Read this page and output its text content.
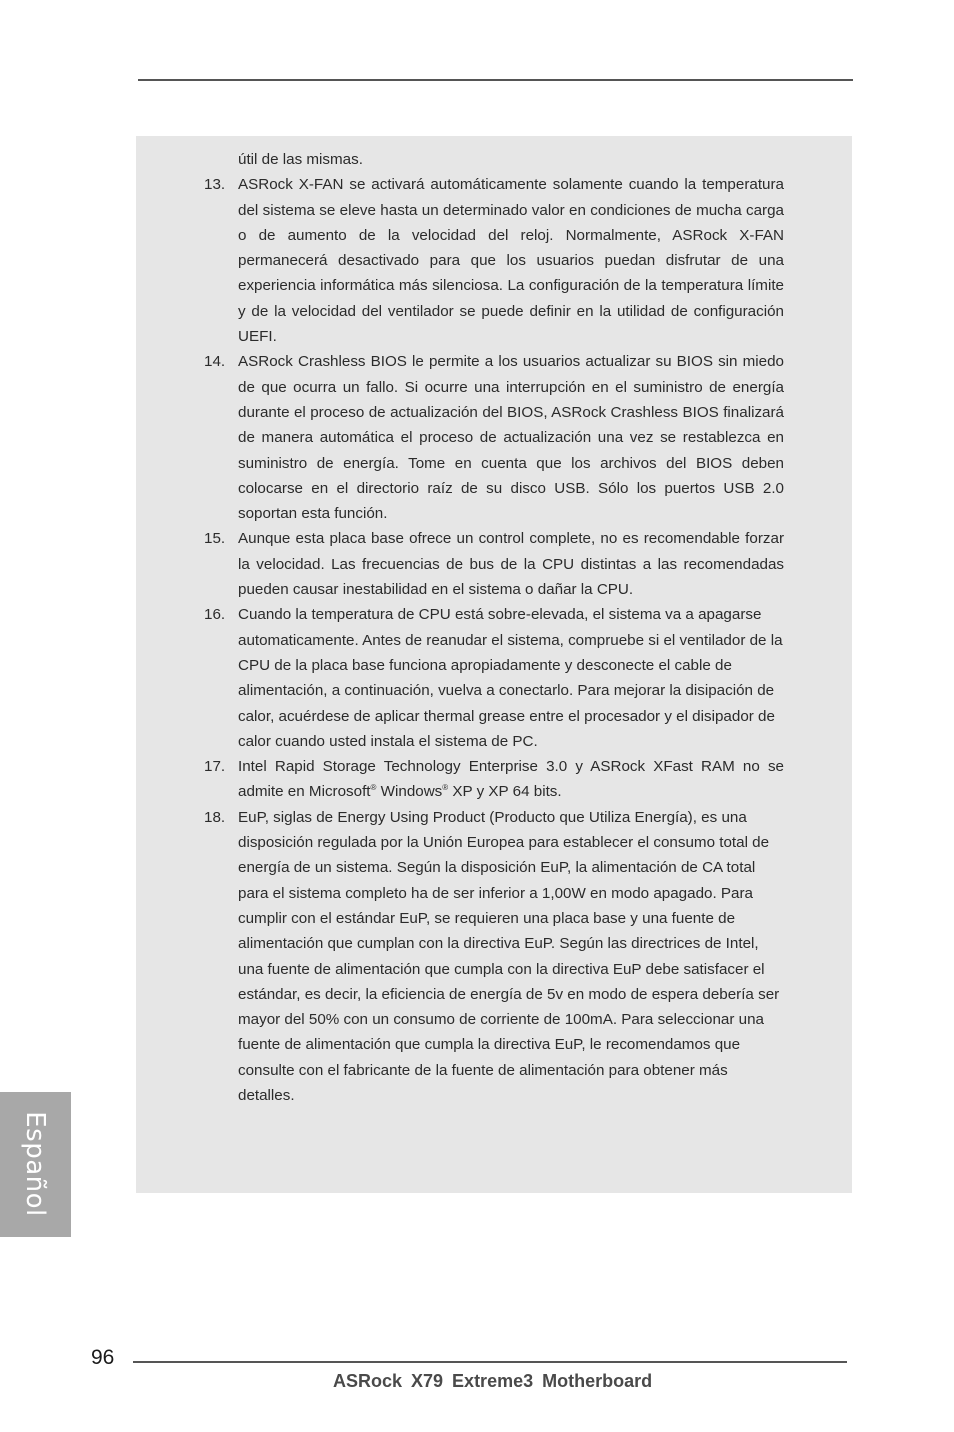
útil de las mismas.
13. ASRock X-FAN se activará automáticamente solamente cuando la temperatura del sistema se eleve hasta un determinado valor en condiciones de mucha carga o de aumento de la velocidad del reloj. Normalmente, ASRock X-FAN permanecerá desactivado para que los usuarios puedan disfrutar de una experiencia informática más silenciosa. La configuración de la temperatura límite y de la velocidad del ventilador se puede definir en la utilidad de configuración UEFI.
14. ASRock Crashless BIOS le permite a los usuarios actualizar su BIOS sin miedo de que ocurra un fallo. Si ocurre una interrupción en el suministro de energía durante el proceso de actualización del BIOS, ASRock Crashless BIOS finalizará de manera automática el proceso de actualización una vez se restablezca en suministro de energía. Tome en cuenta que los archivos del BIOS deben colocarse en el directorio raíz de su disco USB. Sólo los puertos USB 2.0 soportan esta función.
15. Aunque esta placa base ofrece un control complete, no es recomendable forzar la velocidad. Las frecuencias de bus de la CPU distintas a las recomendadas pueden causar inestabilidad en el sistema o dañar la CPU.
16. Cuando la temperatura de CPU está sobre-elevada, el sistema va a apagarse automaticamente. Antes de reanudar el sistema, compruebe si el ventilador de la CPU de la placa base funciona apropiadamente y desconecte el cable de alimentación, a continuación, vuelva a conectarlo. Para mejorar la disipación de calor, acuérdese de aplicar thermal grease entre el procesador y el disipador de calor cuando usted instala el sistema de PC.
17. Intel Rapid Storage Technology Enterprise 3.0 y ASRock XFast RAM no se admite en Microsoft® Windows® XP y XP 64 bits.
18. EuP, siglas de Energy Using Product (Producto que Utiliza Energía), es una disposición regulada por la Unión Europea para establecer el consumo total de energía de un sistema. Según la disposición EuP, la alimentación de CA total para el sistema completo ha de ser inferior a 1,00W en modo apagado. Para cumplir con el estándar EuP, se requieren una placa base y una fuente de alimentación que cumplan con la directiva EuP. Según las directrices de Intel, una fuente de alimentación que cumpla con la directiva EuP debe satisfacer el estándar, es decir, la eficiencia de energía de 5v en modo de espera debería ser mayor del 50% con un consumo de corriente de 100mA. Para seleccionar una fuente de alimentación que cumpla la directiva EuP, le recomendamos que consulte con el fabricante de la fuente de alimentación para obtener más detalles.
Español
96
ASRock X79 Extreme3 Motherboard
